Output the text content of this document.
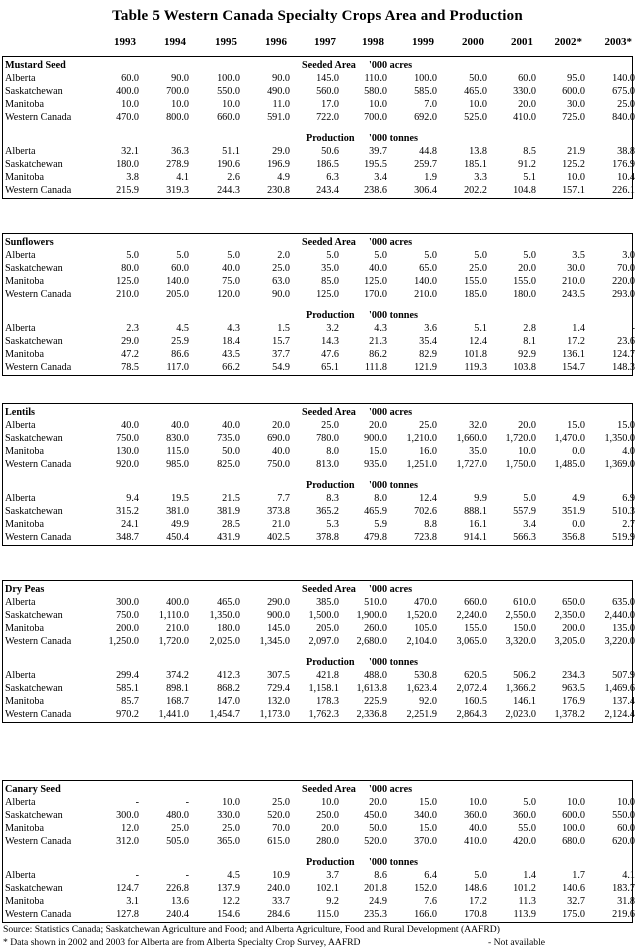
Table 5 Western Canada Specialty Crops Area and Production
1993	1994	1995	1996	1997	1998	1999	2000	2001	2002*	2003*
Mustard Seed	Seeded Area '000 acres
Alberta	60.0	90.0	100.0	90.0	145.0	110.0	100.0	50.0	60.0	95.0	140.0
Saskatchewan	400.0	700.0	550.0	490.0	560.0	580.0	585.0	465.0	330.0	600.0	675.0
Manitoba	10.0	10.0	10.0	11.0	17.0	10.0	7.0	10.0	20.0	30.0	25.0
Western Canada	470.0	800.0	660.0	591.0	722.0	700.0	692.0	525.0	410.0	725.0	840.0
Production '000 tonnes
Alberta	32.1	36.3	51.1	29.0	50.6	39.7	44.8	13.8	8.5	21.9	38.8
Saskatchewan	180.0	278.9	190.6	196.9	186.5	195.5	259.7	185.1	91.2	125.2	176.9
Manitoba	3.8	4.1	2.6	4.9	6.3	3.4	1.9	3.3	5.1	10.0	10.4
Western Canada	215.9	319.3	244.3	230.8	243.4	238.6	306.4	202.2	104.8	157.1	226.1
Sunflowers	Seeded Area '000 acres
Alberta	5.0	5.0	5.0	2.0	5.0	5.0	5.0	5.0	5.0	3.5	3.0
Saskatchewan	80.0	60.0	40.0	25.0	35.0	40.0	65.0	25.0	20.0	30.0	70.0
Manitoba	125.0	140.0	75.0	63.0	85.0	125.0	140.0	155.0	155.0	210.0	220.0
Western Canada	210.0	205.0	120.0	90.0	125.0	170.0	210.0	185.0	180.0	243.5	293.0
Production '000 tonnes
Alberta	2.3	4.5	4.3	1.5	3.2	4.3	3.6	5.1	2.8	1.4	-
Saskatchewan	29.0	25.9	18.4	15.7	14.3	21.3	35.4	12.4	8.1	17.2	23.6
Manitoba	47.2	86.6	43.5	37.7	47.6	86.2	82.9	101.8	92.9	136.1	124.7
Western Canada	78.5	117.0	66.2	54.9	65.1	111.8	121.9	119.3	103.8	154.7	148.3
Lentils	Seeded Area '000 acres
Alberta	40.0	40.0	40.0	20.0	25.0	20.0	25.0	32.0	20.0	15.0	15.0
Saskatchewan	750.0	830.0	735.0	690.0	780.0	900.0	1,210.0	1,660.0	1,720.0	1,470.0	1,350.0
Manitoba	130.0	115.0	50.0	40.0	8.0	15.0	16.0	35.0	10.0	0.0	4.0
Western Canada	920.0	985.0	825.0	750.0	813.0	935.0	1,251.0	1,727.0	1,750.0	1,485.0	1,369.0
Production '000 tonnes
Alberta	9.4	19.5	21.5	7.7	8.3	8.0	12.4	9.9	5.0	4.9	6.9
Saskatchewan	315.2	381.0	381.9	373.8	365.2	465.9	702.6	888.1	557.9	351.9	510.3
Manitoba	24.1	49.9	28.5	21.0	5.3	5.9	8.8	16.1	3.4	0.0	2.7
Western Canada	348.7	450.4	431.9	402.5	378.8	479.8	723.8	914.1	566.3	356.8	519.9
Dry Peas	Seeded Area '000 acres
Alberta	300.0	400.0	465.0	290.0	385.0	510.0	470.0	660.0	610.0	650.0	635.0
Saskatchewan	750.0	1,110.0	1,350.0	900.0	1,500.0	1,900.0	1,520.0	2,240.0	2,550.0	2,350.0	2,440.0
Manitoba	200.0	210.0	180.0	145.0	205.0	260.0	105.0	155.0	150.0	200.0	135.0
Western Canada	1,250.0	1,720.0	2,025.0	1,345.0	2,097.0	2,680.0	2,104.0	3,065.0	3,320.0	3,205.0	3,220.0
Production '000 tonnes
Alberta	299.4	374.2	412.3	307.5	421.8	488.0	530.8	620.5	506.2	234.3	507.9
Saskatchewan	585.1	898.1	868.2	729.4	1,158.1	1,613.8	1,623.4	2,072.4	1,366.2	963.5	1,469.6
Manitoba	85.7	168.7	147.0	132.0	178.3	225.9	92.0	160.5	146.1	176.9	137.4
Western Canada	970.2	1,441.0	1,454.7	1,173.0	1,762.3	2,336.8	2,251.9	2,864.3	2,023.0	1,378.2	2,124.4
Canary Seed	Seeded Area '000 acres
Alberta	-	-	10.0	25.0	10.0	20.0	15.0	10.0	5.0	10.0	10.0
Saskatchewan	300.0	480.0	330.0	520.0	250.0	450.0	340.0	360.0	360.0	600.0	550.0
Manitoba	12.0	25.0	25.0	70.0	20.0	50.0	15.0	40.0	55.0	100.0	60.0
Western Canada	312.0	505.0	365.0	615.0	280.0	520.0	370.0	410.0	420.0	680.0	620.0
Production '000 tonnes
Alberta	-	-	4.5	10.9	3.7	8.6	6.4	5.0	1.4	1.7	4.1
Saskatchewan	124.7	226.8	137.9	240.0	102.1	201.8	152.0	148.6	101.2	140.6	183.7
Manitoba	3.1	13.6	12.2	33.7	9.2	24.9	7.6	17.2	11.3	32.7	31.8
Western Canada	127.8	240.4	154.6	284.6	115.0	235.3	166.0	170.8	113.9	175.0	219.6
Source: Statistics Canada; Saskatchewan Agriculture and Food; and Alberta Agriculture, Food and Rural Development (AAFRD)
* Data shown in 2002 and 2003 for Alberta are from Alberta Specialty Crop Survey, AAFRD	- Not available
